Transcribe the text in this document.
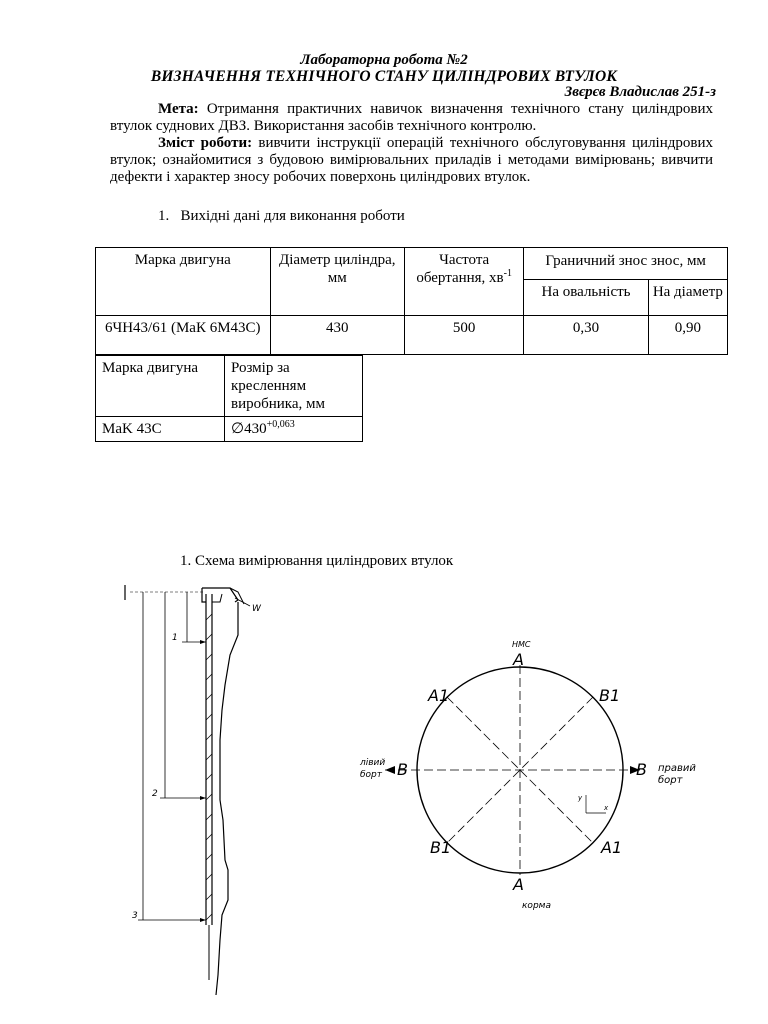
Лабораторна робота №2
ВИЗНАЧЕННЯ ТЕХНІЧНОГО СТАНУ ЦИЛІНДРОВИХ ВТУЛОК
Звєрєв Владислав 251-з
Мета: Отримання практичних навичок визначення технічного стану циліндрових втулок суднових ДВЗ. Використання засобів технічного контролю.
Зміст роботи: вивчити інструкції операцій технічного обслуговування циліндрових втулок; ознайомитися з будовою вимірювальних приладів і методами вимірювань; вивчити дефекти і характер зносу робочих поверхонь циліндрових втулок.
1.   Вихідні дані для виконання роботи
Марка двигуна	Діаметр циліндра, мм	Частота обертання, $хв^{-1}$	Граничний знос знос, мм	
			На овальність	На діаметр
6ЧН43/61 (МаК 6М43С)	430	500	0,30	0,90
Марка двигуна	Розмір за кресленням виробника, мм
MaK 43C	$\emptyset 430^{+0,063}$
1. Схема вимірювання циліндрових втулок
W
1
2
3
НМС
A
A
корма
B	B
лівий
борт
правий
борт
A1	B1
B1	A1
y
x
